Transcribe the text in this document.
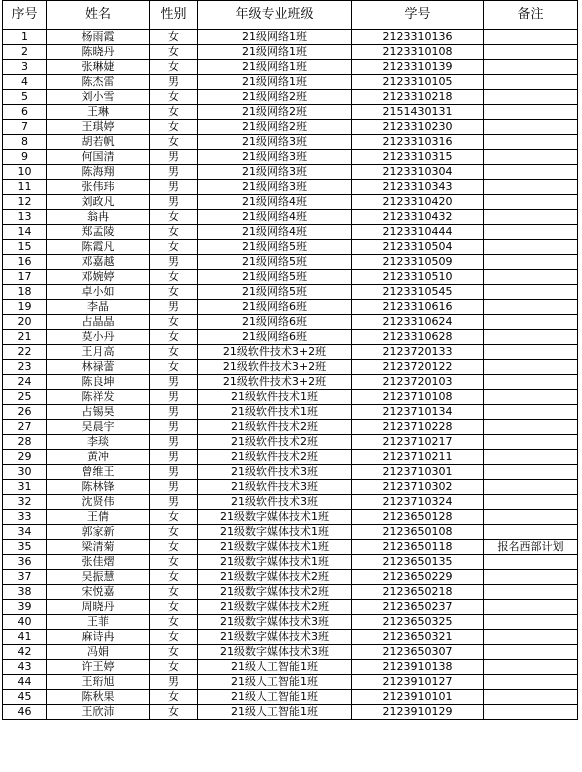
序号	姓名	性别	年级专业班级	学号	备注
1	杨雨霞	女	21级网络1班	2123310136	
2	陈晓丹	女	21级网络1班	2123310108	
3	张琳婕	女	21级网络1班	2123310139	
4	陈杰雷	男	21级网络1班	2123310105	
5	刘小雪	女	21级网络2班	2123310218	
6	王琳	女	21级网络2班	2151430131	
7	王琪婷	女	21级网络2班	2123310230	
8	胡若帆	女	21级网络3班	2123310316	
9	何国清	男	21级网络3班	2123310315	
10	陈海翔	男	21级网络3班	2123310304	
11	张伟玮	男	21级网络3班	2123310343	
12	刘政凡	男	21级网络4班	2123310420	
13	翁冉	女	21级网络4班	2123310432	
14	郑孟陵	女	21级网络4班	2123310444	
15	陈霞凡	女	21级网络5班	2123310504	
16	邓嘉越	男	21级网络5班	2123310509	
17	邓婉婷	女	21级网络5班	2123310510	
18	卓小如	女	21级网络5班	2123310545	
19	李晶	男	21级网络6班	2123310616	
20	占晶晶	女	21级网络6班	2123310624	
21	莫小丹	女	21级网络6班	2123310628	
22	王月高	女	21级软件技术3+2班	2123720133	
23	林禄蕾	女	21级软件技术3+2班	2123720122	
24	陈良坤	男	21级软件技术3+2班	2123720103	
25	陈祥发	男	21级软件技术1班	2123710108	
26	占锡昊	男	21级软件技术1班	2123710134	
27	吴晨宇	男	21级软件技术2班	2123710228	
28	李琰	男	21级软件技术2班	2123710217	
29	黄冲	男	21级软件技术2班	2123710211	
30	曾维王	男	21级软件技术3班	2123710301	
31	陈林锋	男	21级软件技术3班	2123710302	
32	沈贤伟	男	21级软件技术3班	2123710324	
33	王倩	女	21级数字媒体技术1班	2123650128	
34	郭家新	女	21级数字媒体技术1班	2123650108	
35	梁清菊	女	21级数字媒体技术1班	2123650118	报名西部计划
36	张佳熠	女	21级数字媒体技术1班	2123650135	
37	吴振慧	女	21级数字媒体技术2班	2123650229	
38	宋悦嘉	女	21级数字媒体技术2班	2123650218	
39	周晓丹	女	21级数字媒体技术2班	2123650237	
40	王菲	女	21级数字媒体技术3班	2123650325	
41	麻诗冉	女	21级数字媒体技术3班	2123650321	
42	冯娟	女	21级数字媒体技术3班	2123650307	
43	许王婷	女	21级人工智能1班	2123910138	
44	王珩旭	男	21级人工智能1班	2123910127	
45	陈秋果	女	21级人工智能1班	2123910101	
46	王欣沛	女	21级人工智能1班	2123910129	
